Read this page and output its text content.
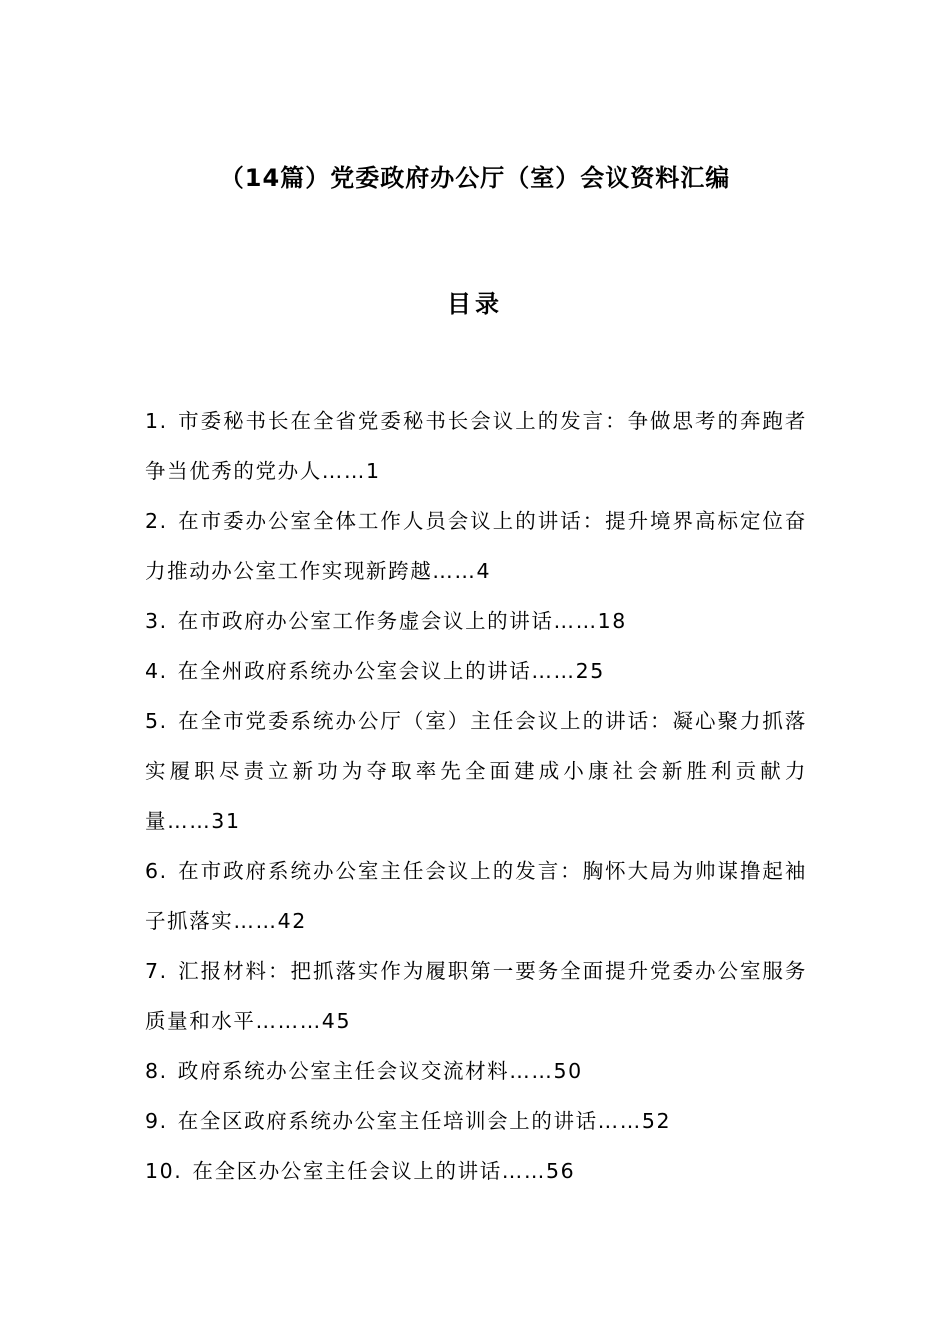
（14篇）党委政府办公厅（室）会议资料汇编
目录
1. 市委秘书长在全省党委秘书长会议上的发言：争做思考的奔跑者争当优秀的党办人……1
2. 在市委办公室全体工作人员会议上的讲话：提升境界高标定位奋力推动办公室工作实现新跨越……4
3. 在市政府办公室工作务虚会议上的讲话……18
4. 在全州政府系统办公室会议上的讲话……25
5. 在全市党委系统办公厅（室）主任会议上的讲话：凝心聚力抓落实履职尽责立新功为夺取率先全面建成小康社会新胜利贡献力量……31
6. 在市政府系统办公室主任会议上的发言：胸怀大局为帅谋撸起袖子抓落实……42
7. 汇报材料：把抓落实作为履职第一要务全面提升党委办公室服务质量和水平………45
8. 政府系统办公室主任会议交流材料……50
9. 在全区政府系统办公室主任培训会上的讲话……52
10. 在全区办公室主任会议上的讲话……56
